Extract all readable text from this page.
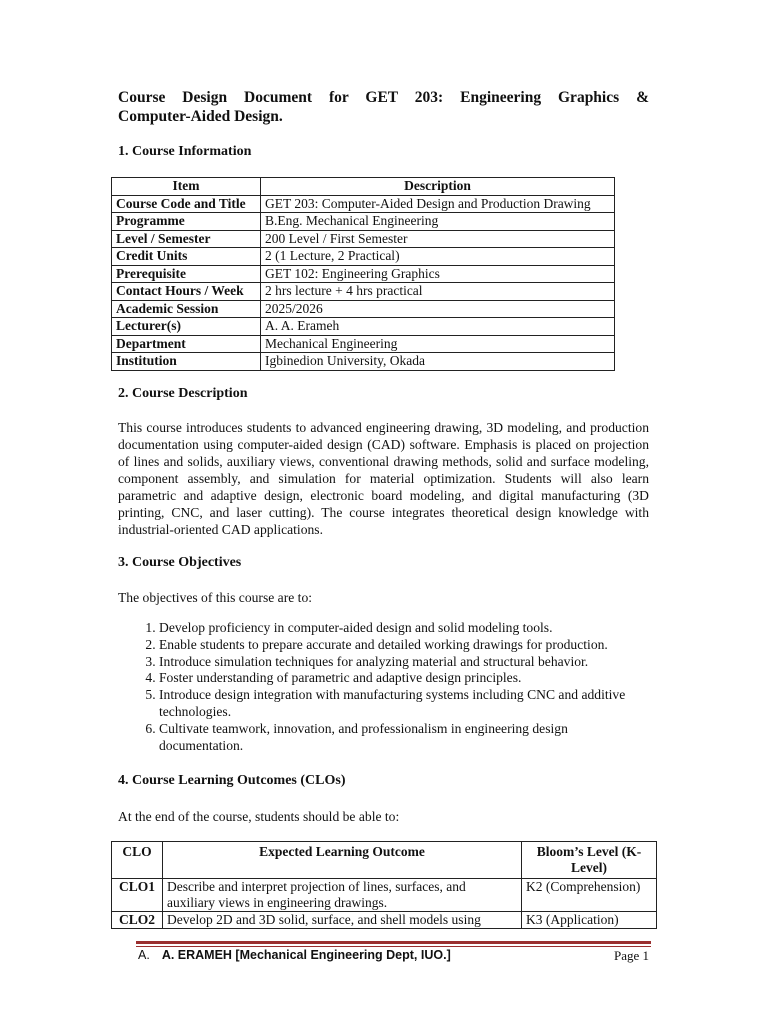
Course Design Document for GET 203: Engineering Graphics &
Computer-Aided Design.
1. Course Information
Item	Description
Course Code and Title	GET 203: Computer-Aided Design and Production Drawing
Programme	B.Eng. Mechanical Engineering
Level / Semester	200 Level / First Semester
Credit Units	2 (1 Lecture, 2 Practical)
Prerequisite	GET 102: Engineering Graphics
Contact Hours / Week	2 hrs lecture + 4 hrs practical
Academic Session	2025/2026
Lecturer(s)	A. A. Erameh
Department	Mechanical Engineering
Institution	Igbinedion University, Okada
2. Course Description
This course introduces students to advanced engineering drawing, 3D modeling, and production documentation using computer-aided design (CAD) software. Emphasis is placed on projection of lines and solids, auxiliary views, conventional drawing methods, solid and surface modeling, component assembly, and simulation for material optimization. Students will also learn parametric and adaptive design, electronic board modeling, and digital manufacturing (3D printing, CNC, and laser cutting). The course integrates theoretical design knowledge with industrial-oriented CAD applications.
3. Course Objectives
The objectives of this course are to:
1. Develop proficiency in computer-aided design and solid modeling tools.
2. Enable students to prepare accurate and detailed working drawings for production.
3. Introduce simulation techniques for analyzing material and structural behavior.
4. Foster understanding of parametric and adaptive design principles.
5. Introduce design integration with manufacturing systems including CNC and additive technologies.
6. Cultivate teamwork, innovation, and professionalism in engineering design documentation.
4. Course Learning Outcomes (CLOs)
At the end of the course, students should be able to:
CLO	Expected Learning Outcome	Bloom’s Level (K-Level)
CLO1	Describe and interpret projection of lines, surfaces, and auxiliary views in engineering drawings.	K2 (Comprehension)
CLO2	Develop 2D and 3D solid, surface, and shell models using	K3 (Application)
A. A. ERAMEH [Mechanical Engineering Dept, IUO.]	Page 1
